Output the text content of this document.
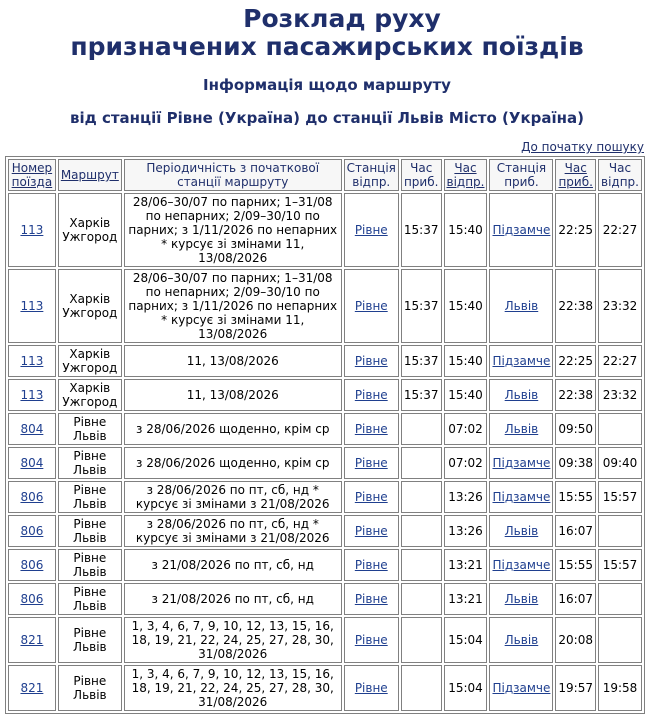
Розклад руху
призначених пасажирських поїздів
Інформація щодо маршруту
від станції Рівне (Україна) до станції Львів Місто (Україна)
До початку пошуку
Номер поїзда	Маршрут	Періодичність з початкової станції маршруту	Станція відпр.	Час приб.	Час відпр.	Станція приб.	Час приб.	Час відпр.
113	Харків Ужгород	28/06–30/07 по парних; 1–31/08 по непарних; 2/09–30/10 по парних; з 1/11/2026 по непарних * курсує зі змінами 11, 13/08/2026	Рівне	15:37	15:40	Підзамче	22:25	22:27
113	Харків Ужгород	28/06–30/07 по парних; 1–31/08 по непарних; 2/09–30/10 по парних; з 1/11/2026 по непарних * курсує зі змінами 11, 13/08/2026	Рівне	15:37	15:40	Львів	22:38	23:32
113	Харків Ужгород	11, 13/08/2026	Рівне	15:37	15:40	Підзамче	22:25	22:27
113	Харків Ужгород	11, 13/08/2026	Рівне	15:37	15:40	Львів	22:38	23:32
804	Рівне Львів	з 28/06/2026 щоденно, крім ср	Рівне		07:02	Львів	09:50	
804	Рівне Львів	з 28/06/2026 щоденно, крім ср	Рівне		07:02	Підзамче	09:38	09:40
806	Рівне Львів	з 28/06/2026 по пт, сб, нд * курсує зі змінами з 21/08/2026	Рівне		13:26	Підзамче	15:55	15:57
806	Рівне Львів	з 28/06/2026 по пт, сб, нд * курсує зі змінами з 21/08/2026	Рівне		13:26	Львів	16:07	
806	Рівне Львів	з 21/08/2026 по пт, сб, нд	Рівне		13:21	Підзамче	15:55	15:57
806	Рівне Львів	з 21/08/2026 по пт, сб, нд	Рівне		13:21	Львів	16:07	
821	Рівне Львів	1, 3, 4, 6, 7, 9, 10, 12, 13, 15, 16, 18, 19, 21, 22, 24, 25, 27, 28, 30, 31/08/2026	Рівне		15:04	Львів	20:08	
821	Рівне Львів	1, 3, 4, 6, 7, 9, 10, 12, 13, 15, 16, 18, 19, 21, 22, 24, 25, 27, 28, 30, 31/08/2026	Рівне		15:04	Підзамче	19:57	19:58
